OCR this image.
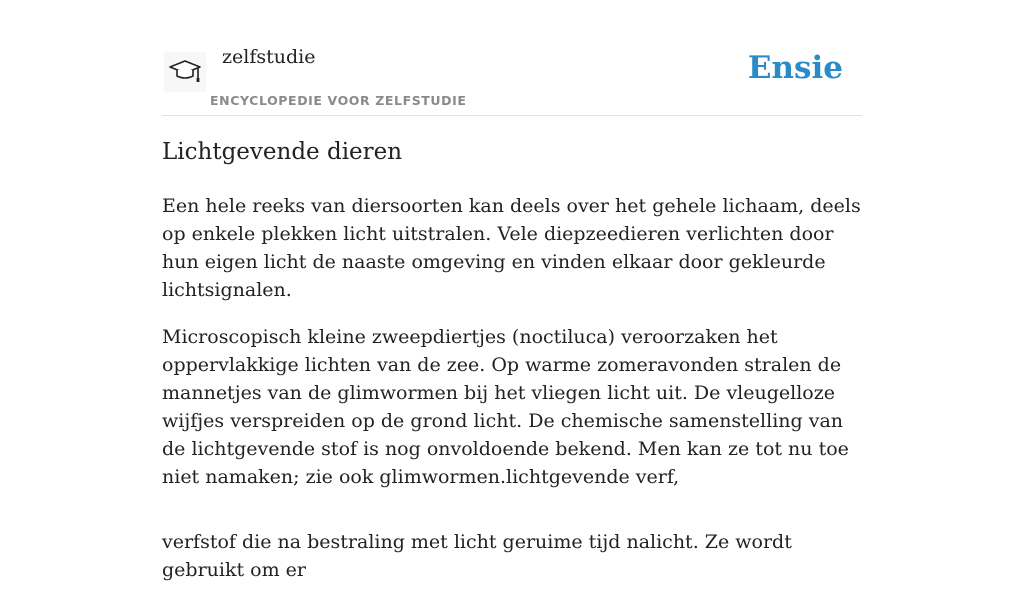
zelfstudie
ENCYCLOPEDIE VOOR ZELFSTUDIE
Ensie
Lichtgevende dieren

Een hele reeks van diersoorten kan deels over het gehele lichaam, deels op enkele plekken licht uitstralen. Vele diepzeedieren verlichten door hun eigen licht de naaste omgeving en vinden elkaar door gekleurde lichtsignalen.

Microscopisch kleine zweepdiertjes (noctiluca) veroorzaken het oppervlakkige lichten van de zee. Op warme zomeravonden stralen de mannetjes van de glimwormen bij het vliegen licht uit. De vleugelloze wijfjes verspreiden op de grond licht. De chemische samenstelling van de lichtgevende stof is nog onvoldoende bekend. Men kan ze tot nu toe niet namaken; zie ook glimwormen.lichtgevende verf,

verfstof die na bestraling met licht geruime tijd nalicht. Ze wordt gebruikt om er
